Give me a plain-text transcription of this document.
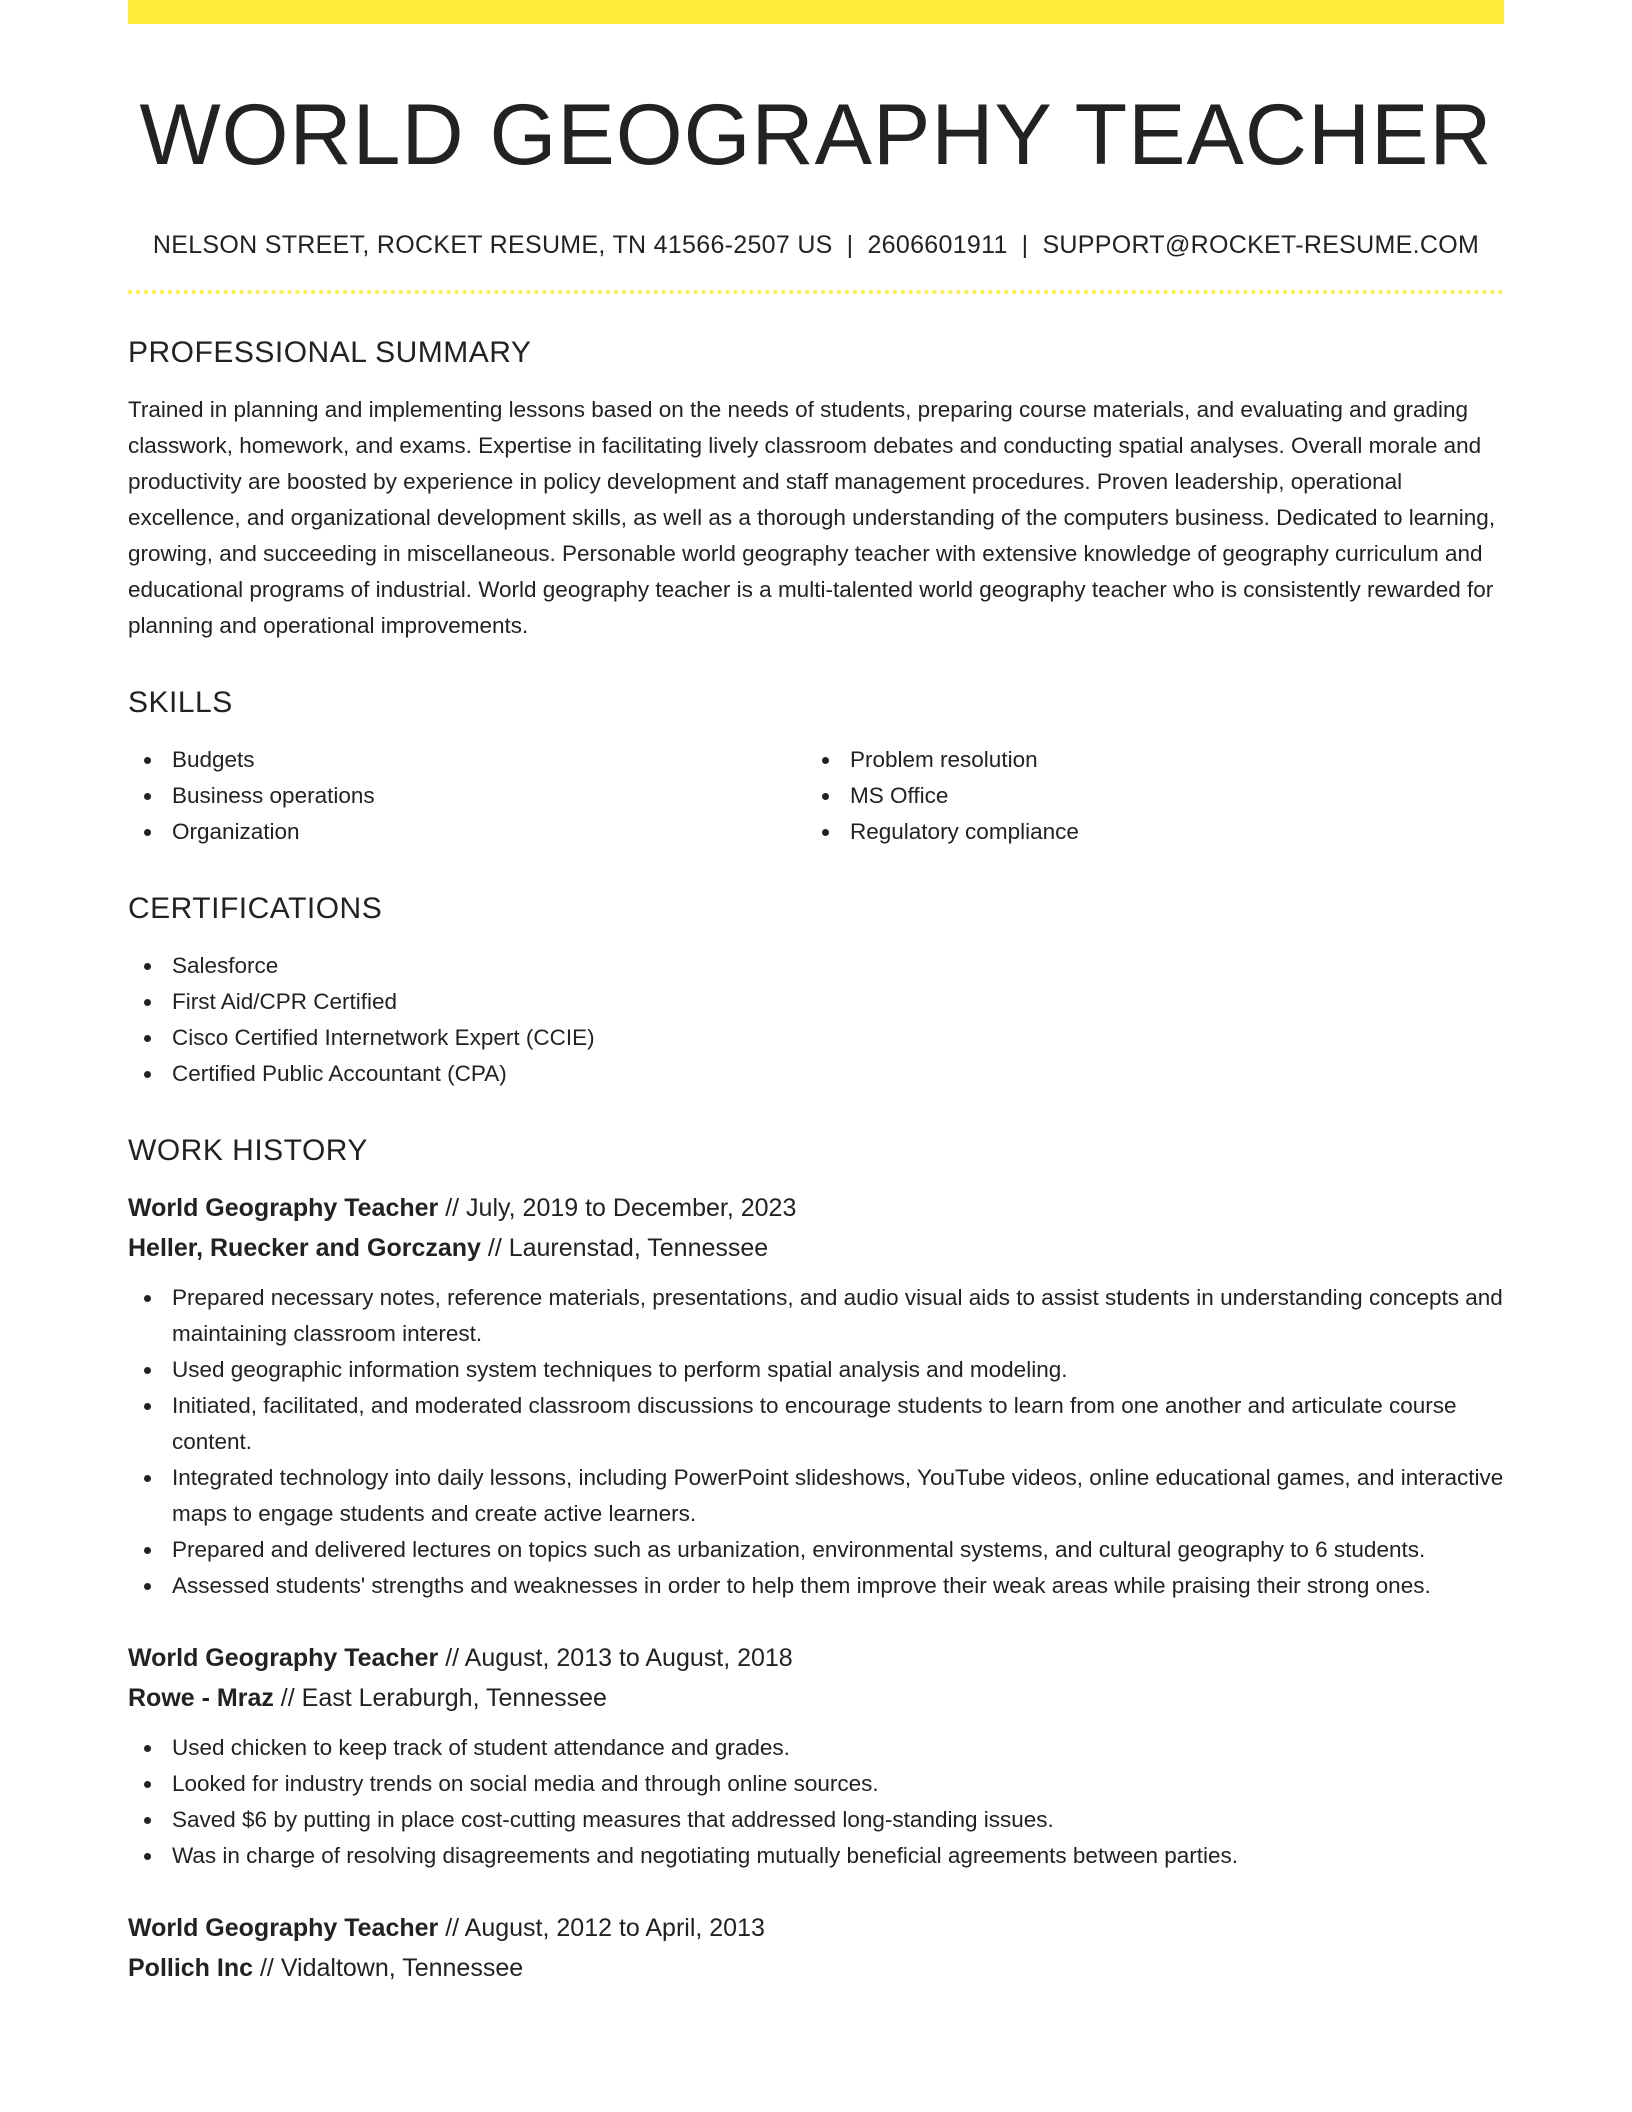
WORLD GEOGRAPHY TEACHER
NELSON STREET, ROCKET RESUME, TN 41566-2507 US | 2606601911 | SUPPORT@ROCKET-RESUME.COM
PROFESSIONAL SUMMARY

Trained in planning and implementing lessons based on the needs of students, preparing course materials, and evaluating and grading classwork, homework, and exams. Expertise in facilitating lively classroom debates and conducting spatial analyses. Overall morale and productivity are boosted by experience in policy development and staff management procedures. Proven leadership, operational excellence, and organizational development skills, as well as a thorough understanding of the computers business. Dedicated to learning, growing, and succeeding in miscellaneous. Personable world geography teacher with extensive knowledge of geography curriculum and educational programs of industrial. World geography teacher is a multi-talented world geography teacher who is consistently rewarded for planning and operational improvements.

SKILLS
Budgets
Business operations
Organization
Problem resolution
MS Office
Regulatory compliance
CERTIFICATIONS
Salesforce
First Aid/CPR Certified
Cisco Certified Internetwork Expert (CCIE)
Certified Public Accountant (CPA)
WORK HISTORY
World Geography Teacher // July, 2019 to December, 2023
Heller, Ruecker and Gorczany // Laurenstad, Tennessee
Prepared necessary notes, reference materials, presentations, and audio visual aids to assist students in understanding concepts and maintaining classroom interest.
Used geographic information system techniques to perform spatial analysis and modeling.
Initiated, facilitated, and moderated classroom discussions to encourage students to learn from one another and articulate course content.
Integrated technology into daily lessons, including PowerPoint slideshows, YouTube videos, online educational games, and interactive maps to engage students and create active learners.
Prepared and delivered lectures on topics such as urbanization, environmental systems, and cultural geography to 6 students.
Assessed students' strengths and weaknesses in order to help them improve their weak areas while praising their strong ones.
World Geography Teacher // August, 2013 to August, 2018
Rowe - Mraz // East Leraburgh, Tennessee
Used chicken to keep track of student attendance and grades.
Looked for industry trends on social media and through online sources.
Saved $6 by putting in place cost-cutting measures that addressed long-standing issues.
Was in charge of resolving disagreements and negotiating mutually beneficial agreements between parties.
World Geography Teacher // August, 2012 to April, 2013
Pollich Inc // Vidaltown, Tennessee
